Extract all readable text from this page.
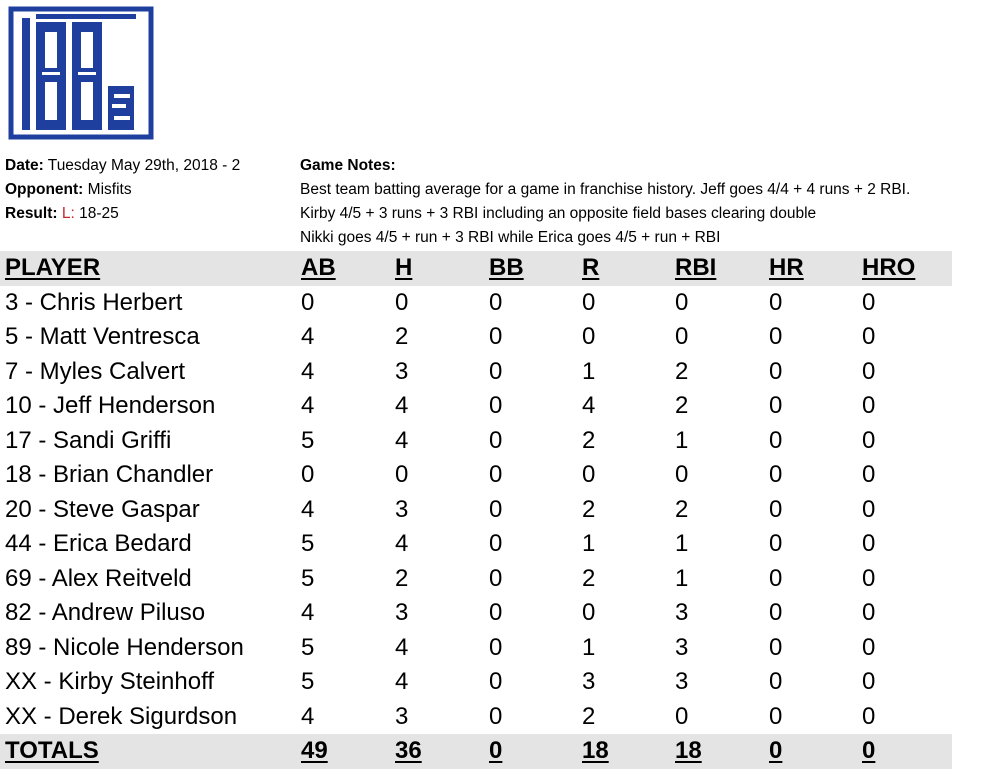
Date: Tuesday May 29th, 2018 - 2
Opponent: Misfits
Result: L: 18-25
Game Notes:
Best team batting average for a game in franchise history. Jeff goes 4/4 + 4 runs + 2 RBI.
Kirby 4/5 + 3 runs + 3 RBI including an opposite field bases clearing double
Nikki goes 4/5 + run + 3 RBI while Erica goes 4/5 + run + RBI
PLAYER	AB H	BB R	RBI HR HRO
3 - Chris Herbert	0	0	0	0	0	0	0
5 - Matt Ventresca	4	2	0	0	0	0	0
7 - Myles Calvert	4	3	0	1	2	0	0
10 - Jeff Henderson	4	4	0	4	2	0	0
17 - Sandi Griffi	5	4	0	2	1	0	0
18 - Brian Chandler	0	0	0	0	0	0	0
20 - Steve Gaspar	4	3	0	2	2	0	0
44 - Erica Bedard	5	4	0	1	1	0	0
69 - Alex Reitveld	5	2	0	2	1	0	0
82 - Andrew Piluso	4	3	0	0	3	0	0
89 - Nicole Henderson 5	4	0	1	3	0	0
XX - Kirby Steinhoff	5	4	0	3	3	0	0
XX - Derek Sigurdson	4	3	0	2	0	0	0
TOTALS	49	36	0	18	18	0	0
